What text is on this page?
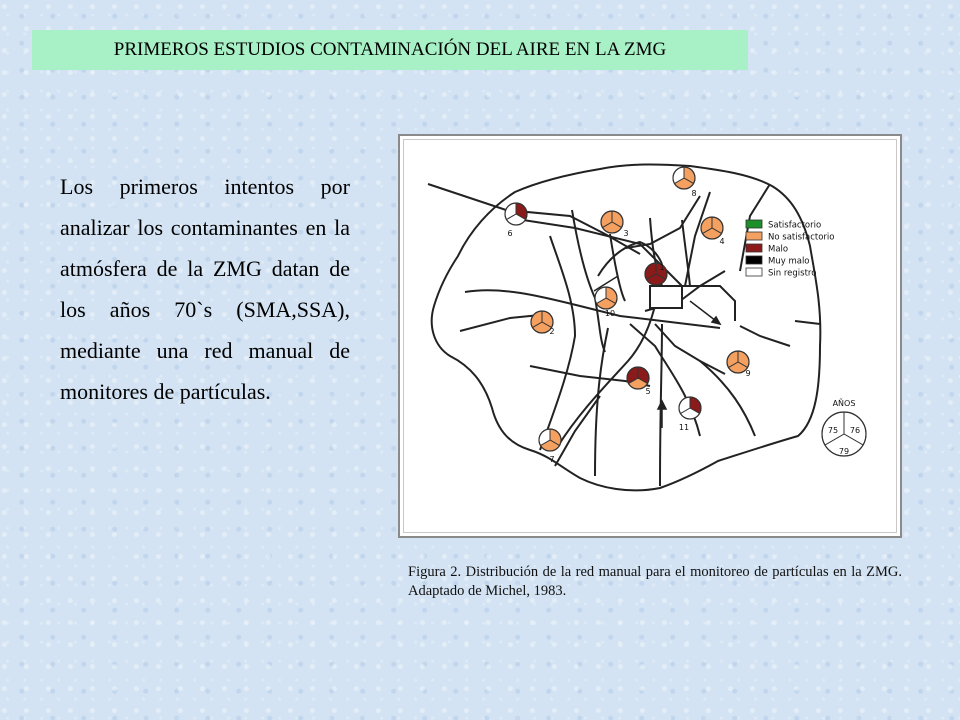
PRIMEROS ESTUDIOS CONTAMINACIÓN DEL AIRE EN LA ZMG

Los primeros intentos por analizar los contaminantes en la atmósfera de la ZMG datan de los años 70`s (SMA,SSA), mediante una red manual de monitores de partículas.

Satisfactorio
No satisfactorio
Malo
Muy malo
Sin registro
1
2
3
4
5
6
7
8
9
10
11
AÑOS
75 76
79

Figura 2. Distribución de la red manual para el monitoreo de partículas en la ZMG. Adaptado de Michel, 1983.
